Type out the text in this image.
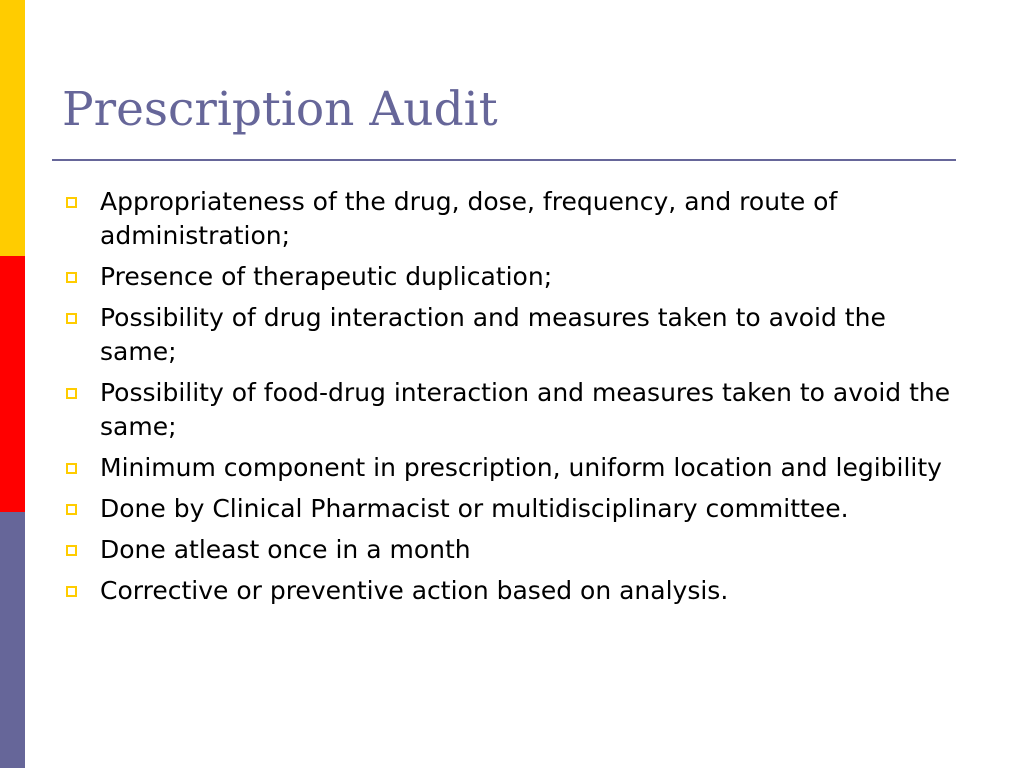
Prescription Audit
Appropriateness of the drug, dose, frequency, and route of administration;
Presence of therapeutic duplication;
Possibility of drug interaction and measures taken to avoid the same;
Possibility of food-drug interaction and measures taken to avoid the same;
Minimum component in prescription, uniform location and legibility
Done by Clinical Pharmacist or multidisciplinary committee.
Done atleast once in a month
Corrective or preventive action based on analysis.
